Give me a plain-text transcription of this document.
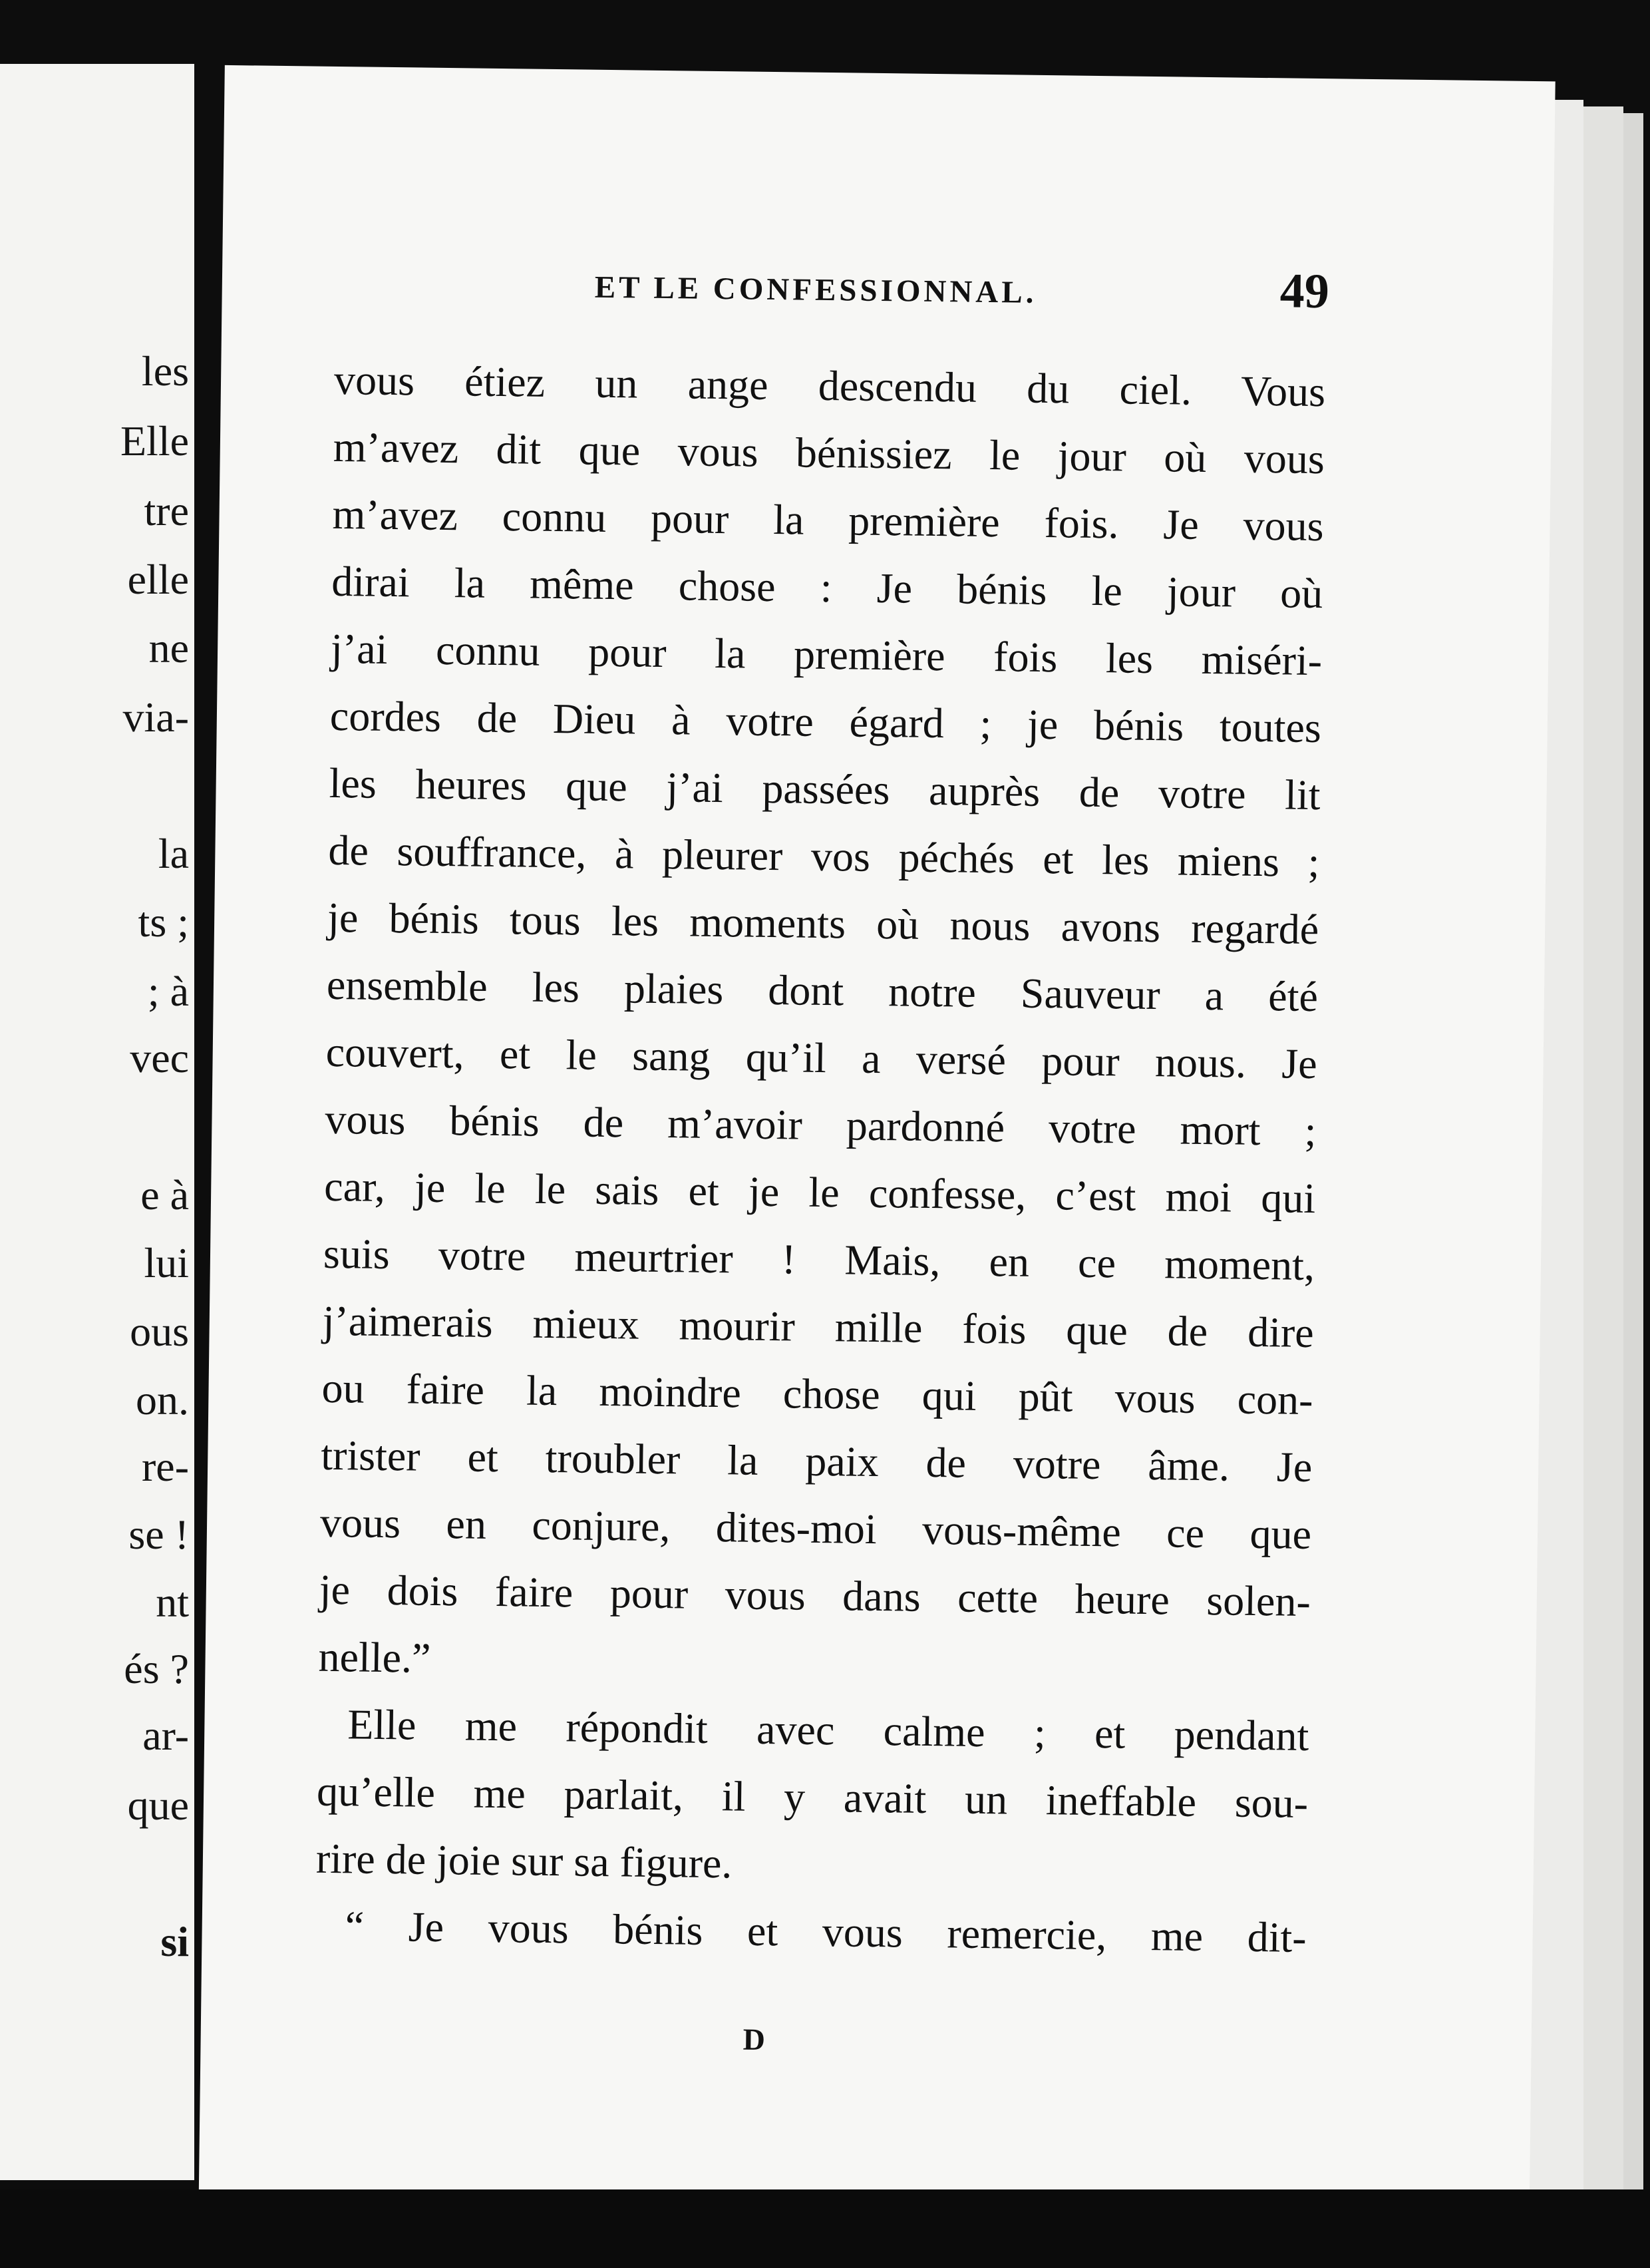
les
Elle
tre
elle
ne
via-
la
ts ;
; à
vec
e à
lui
ous
on.
re-
se !
nt
és ?
ar-
que
si
ET LE CONFESSIONNAL.	49
vous étiez un ange descendu du ciel. Vous
m’avez dit que vous bénissiez le jour où vous
m’avez connu pour la première fois. Je vous
dirai la même chose : Je bénis le jour où
j’ai connu pour la première fois les miséri-
cordes de Dieu à votre égard ; je bénis toutes
les heures que j’ai passées auprès de votre lit
de souffrance, à pleurer vos péchés et les miens ;
je bénis tous les moments où nous avons regardé
ensemble les plaies dont notre Sauveur a été
couvert, et le sang qu’il a versé pour nous. Je
vous bénis de m’avoir pardonné votre mort ;
car, je le le sais et je le confesse, c’est moi qui
suis votre meurtrier ! Mais, en ce moment,
j’aimerais mieux mourir mille fois que de dire
ou faire la moindre chose qui pût vous con-
trister et troubler la paix de votre âme. Je
vous en conjure, dites-moi vous-même ce que
je dois faire pour vous dans cette heure solen-
nelle.”
Elle me répondit avec calme ; et pendant
qu’elle me parlait, il y avait un ineffable sou-
rire de joie sur sa figure.
“ Je vous bénis et vous remercie, me dit-
D
